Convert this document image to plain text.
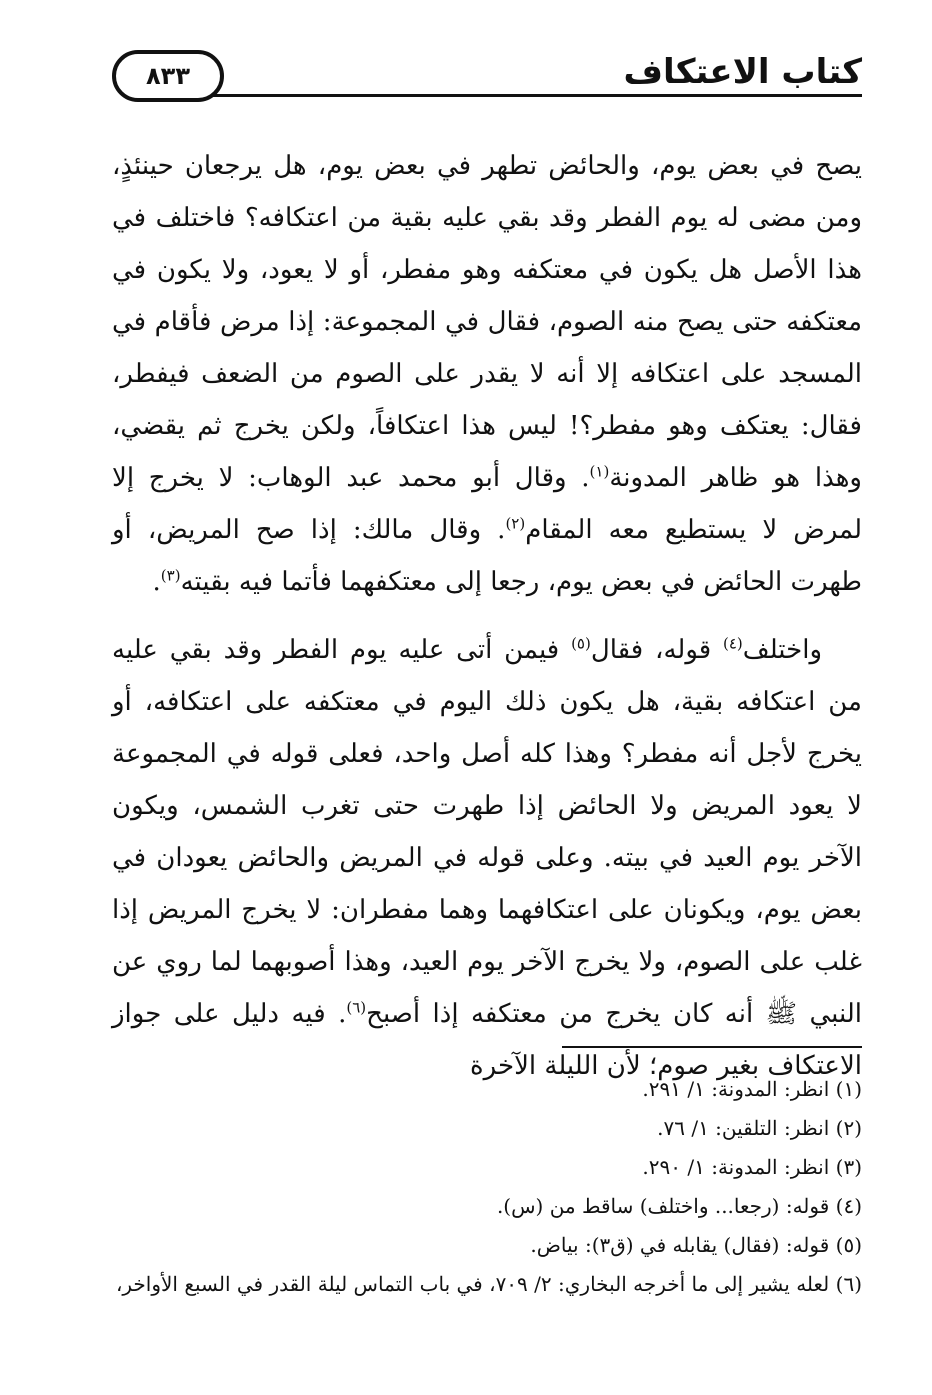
٨٣٣	كتاب الاعتكاف

يصح في بعض يوم، والحائض تطهر في بعض يوم، هل يرجعان حينئذٍ، ومن مضى له يوم الفطر وقد بقي عليه بقية من اعتكافه؟ فاختلف في هذا الأصل هل يكون في معتكفه وهو مفطر، أو لا يعود، ولا يكون في معتكفه حتى يصح منه الصوم، فقال في المجموعة: إذا مرض فأقام في المسجد على اعتكافه إلا أنه لا يقدر على الصوم من الضعف فيفطر، فقال: يعتكف وهو مفطر؟! ليس هذا اعتكافاً، ولكن يخرج ثم يقضي، وهذا هو ظاهر المدونة$^{(١)}$. وقال أبو محمد عبد الوهاب: لا يخرج إلا لمرض لا يستطيع معه المقام$^{(٢)}$. وقال مالك: إذا صح المريض، أو طهرت الحائض في بعض يوم، رجعا إلى معتكفهما فأتما فيه بقيته$^{(٣)}$.

واختلف$^{(٤)}$ قوله، فقال$^{(٥)}$ فيمن أتى عليه يوم الفطر وقد بقي عليه من اعتكافه بقية، هل يكون ذلك اليوم في معتكفه على اعتكافه، أو يخرج لأجل أنه مفطر؟ وهذا كله أصل واحد، فعلى قوله في المجموعة لا يعود المريض ولا الحائض إذا طهرت حتى تغرب الشمس، ويكون الآخر يوم العيد في بيته. وعلى قوله في المريض والحائض يعودان في بعض يوم، ويكونان على اعتكافهما وهما مفطران: لا يخرج المريض إذا غلب على الصوم، ولا يخرج الآخر يوم العيد، وهذا أصوبهما لما روي عن النبي ﷺ أنه كان يخرج من معتكفه إذا أصبح$^{(٦)}$. فيه دليل على جواز الاعتكاف بغير صوم؛ لأن الليلة الآخرة

(١) انظر: المدونة: ١/ ٢٩١.
(٢) انظر: التلقين: ١/ ٧٦.
(٣) انظر: المدونة: ١/ ٢٩٠.
(٤) قوله: (رجعا... واختلف) ساقط من (س).
(٥) قوله: (فقال) يقابله في (ق٣): بياض.
(٦) لعله يشير إلى ما أخرجه البخاري: ٢/ ٧٠٩، في باب التماس ليلة القدر في السبع الأواخر،
